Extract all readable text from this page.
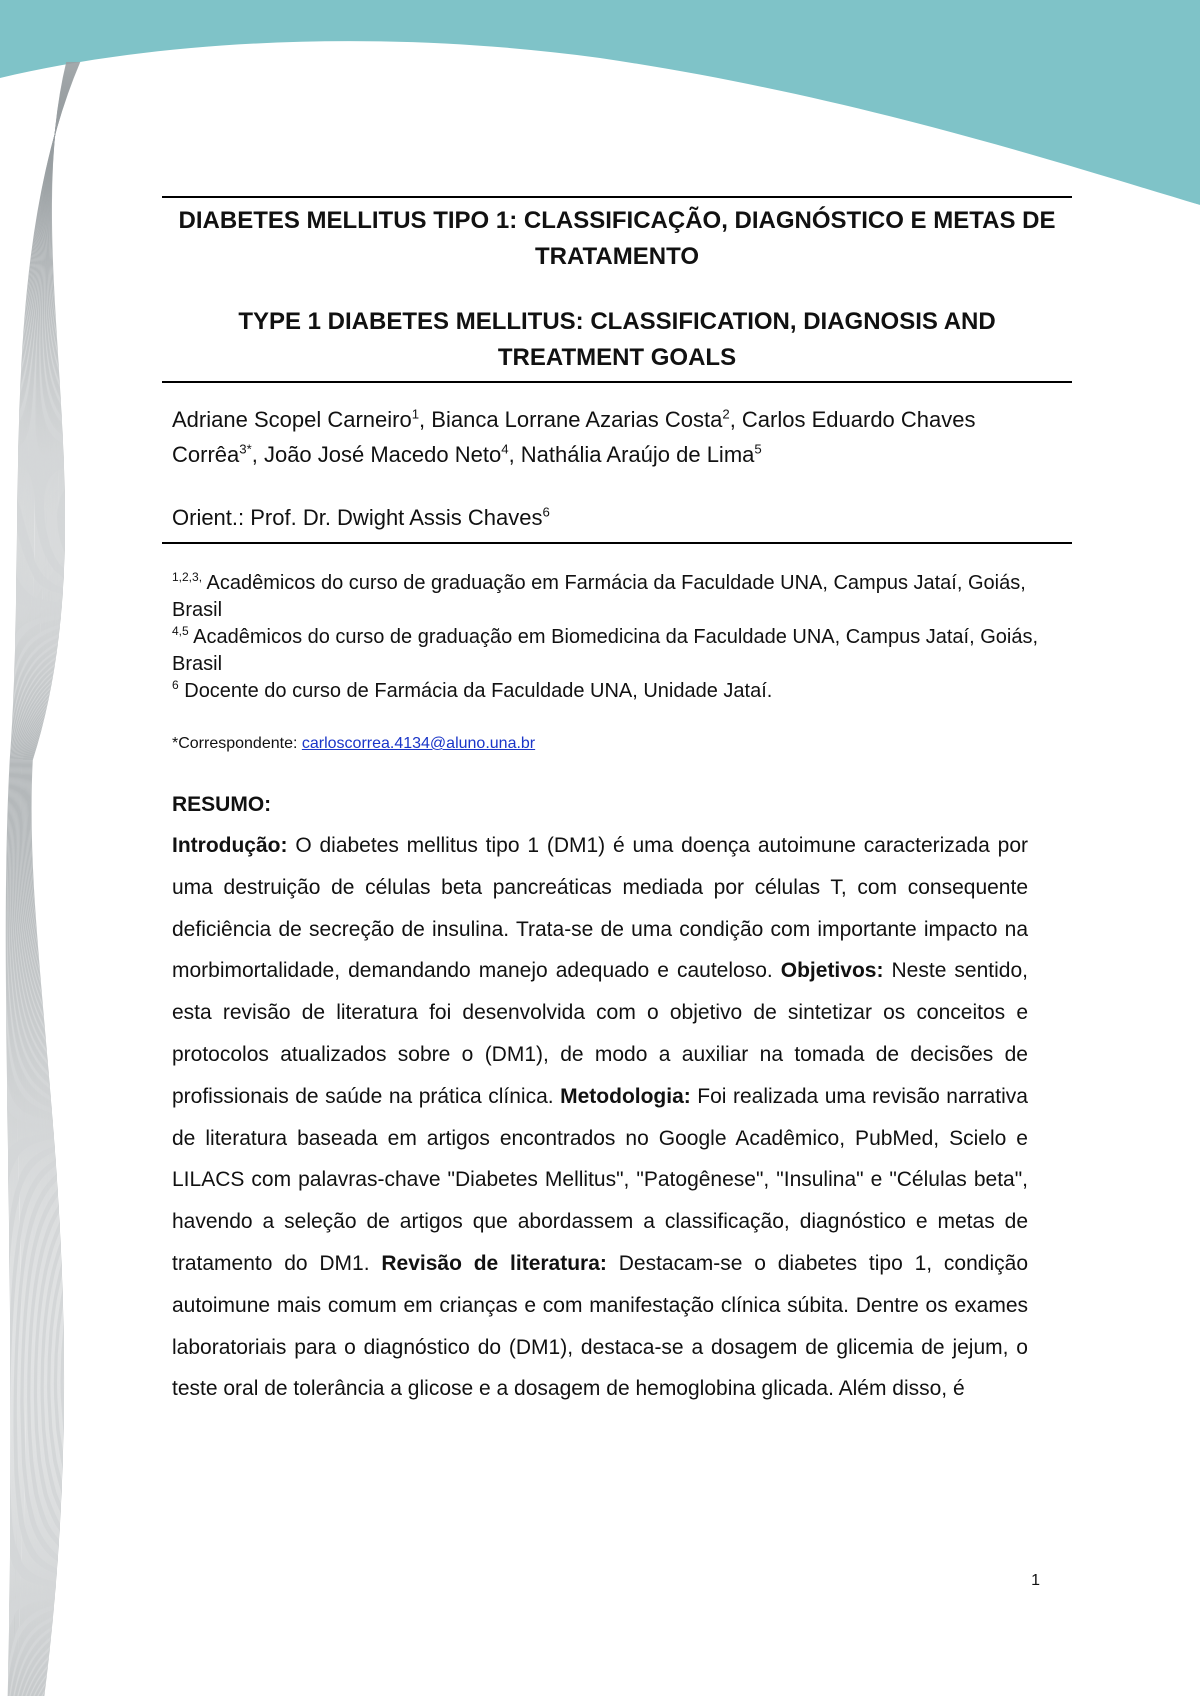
DIABETES MELLITUS TIPO 1: CLASSIFICAÇÃO, DIAGNÓSTICO E METAS DE TRATAMENTO
TYPE 1 DIABETES MELLITUS: CLASSIFICATION, DIAGNOSIS AND TREATMENT GOALS
Adriane Scopel Carneiro$^1$, Bianca Lorrane Azarias Costa$^2$, Carlos Eduardo Chaves Corrêa$^{3*}$, João José Macedo Neto$^4$, Nathália Araújo de Lima$^5$
Orient.: Prof. Dr. Dwight Assis Chaves$^6$
$^{1,2,3,}$ Acadêmicos do curso de graduação em Farmácia da Faculdade UNA, Campus Jataí, Goiás, Brasil
$^{4,5}$ Acadêmicos do curso de graduação em Biomedicina da Faculdade UNA, Campus Jataí, Goiás, Brasil
$^6$ Docente do curso de Farmácia da Faculdade UNA, Unidade Jataí.
*Correspondente: carloscorrea.4134@aluno.una.br
RESUMO:

Introdução: O diabetes mellitus tipo 1 (DM1) é uma doença autoimune caracterizada por uma destruição de células beta pancreáticas mediada por células T, com consequente deficiência de secreção de insulina. Trata-se de uma condição com importante impacto na morbimortalidade, demandando manejo adequado e cauteloso. Objetivos: Neste sentido, esta revisão de literatura foi desenvolvida com o objetivo de sintetizar os conceitos e protocolos atualizados sobre o (DM1), de modo a auxiliar na tomada de decisões de profissionais de saúde na prática clínica. Metodologia: Foi realizada uma revisão narrativa de literatura baseada em artigos encontrados no Google Acadêmico, PubMed, Scielo e LILACS com palavras-chave "Diabetes Mellitus", "Patogênese", "Insulina" e "Células beta", havendo a seleção de artigos que abordassem a classificação, diagnóstico e metas de tratamento do DM1. Revisão de literatura: Destacam-se o diabetes tipo 1, condição autoimune mais comum em crianças e com manifestação clínica súbita. Dentre os exames laboratoriais para o diagnóstico do (DM1), destaca-se a dosagem de glicemia de jejum, o teste oral de tolerância a glicose e a dosagem de hemoglobina glicada. Além disso, é

1
